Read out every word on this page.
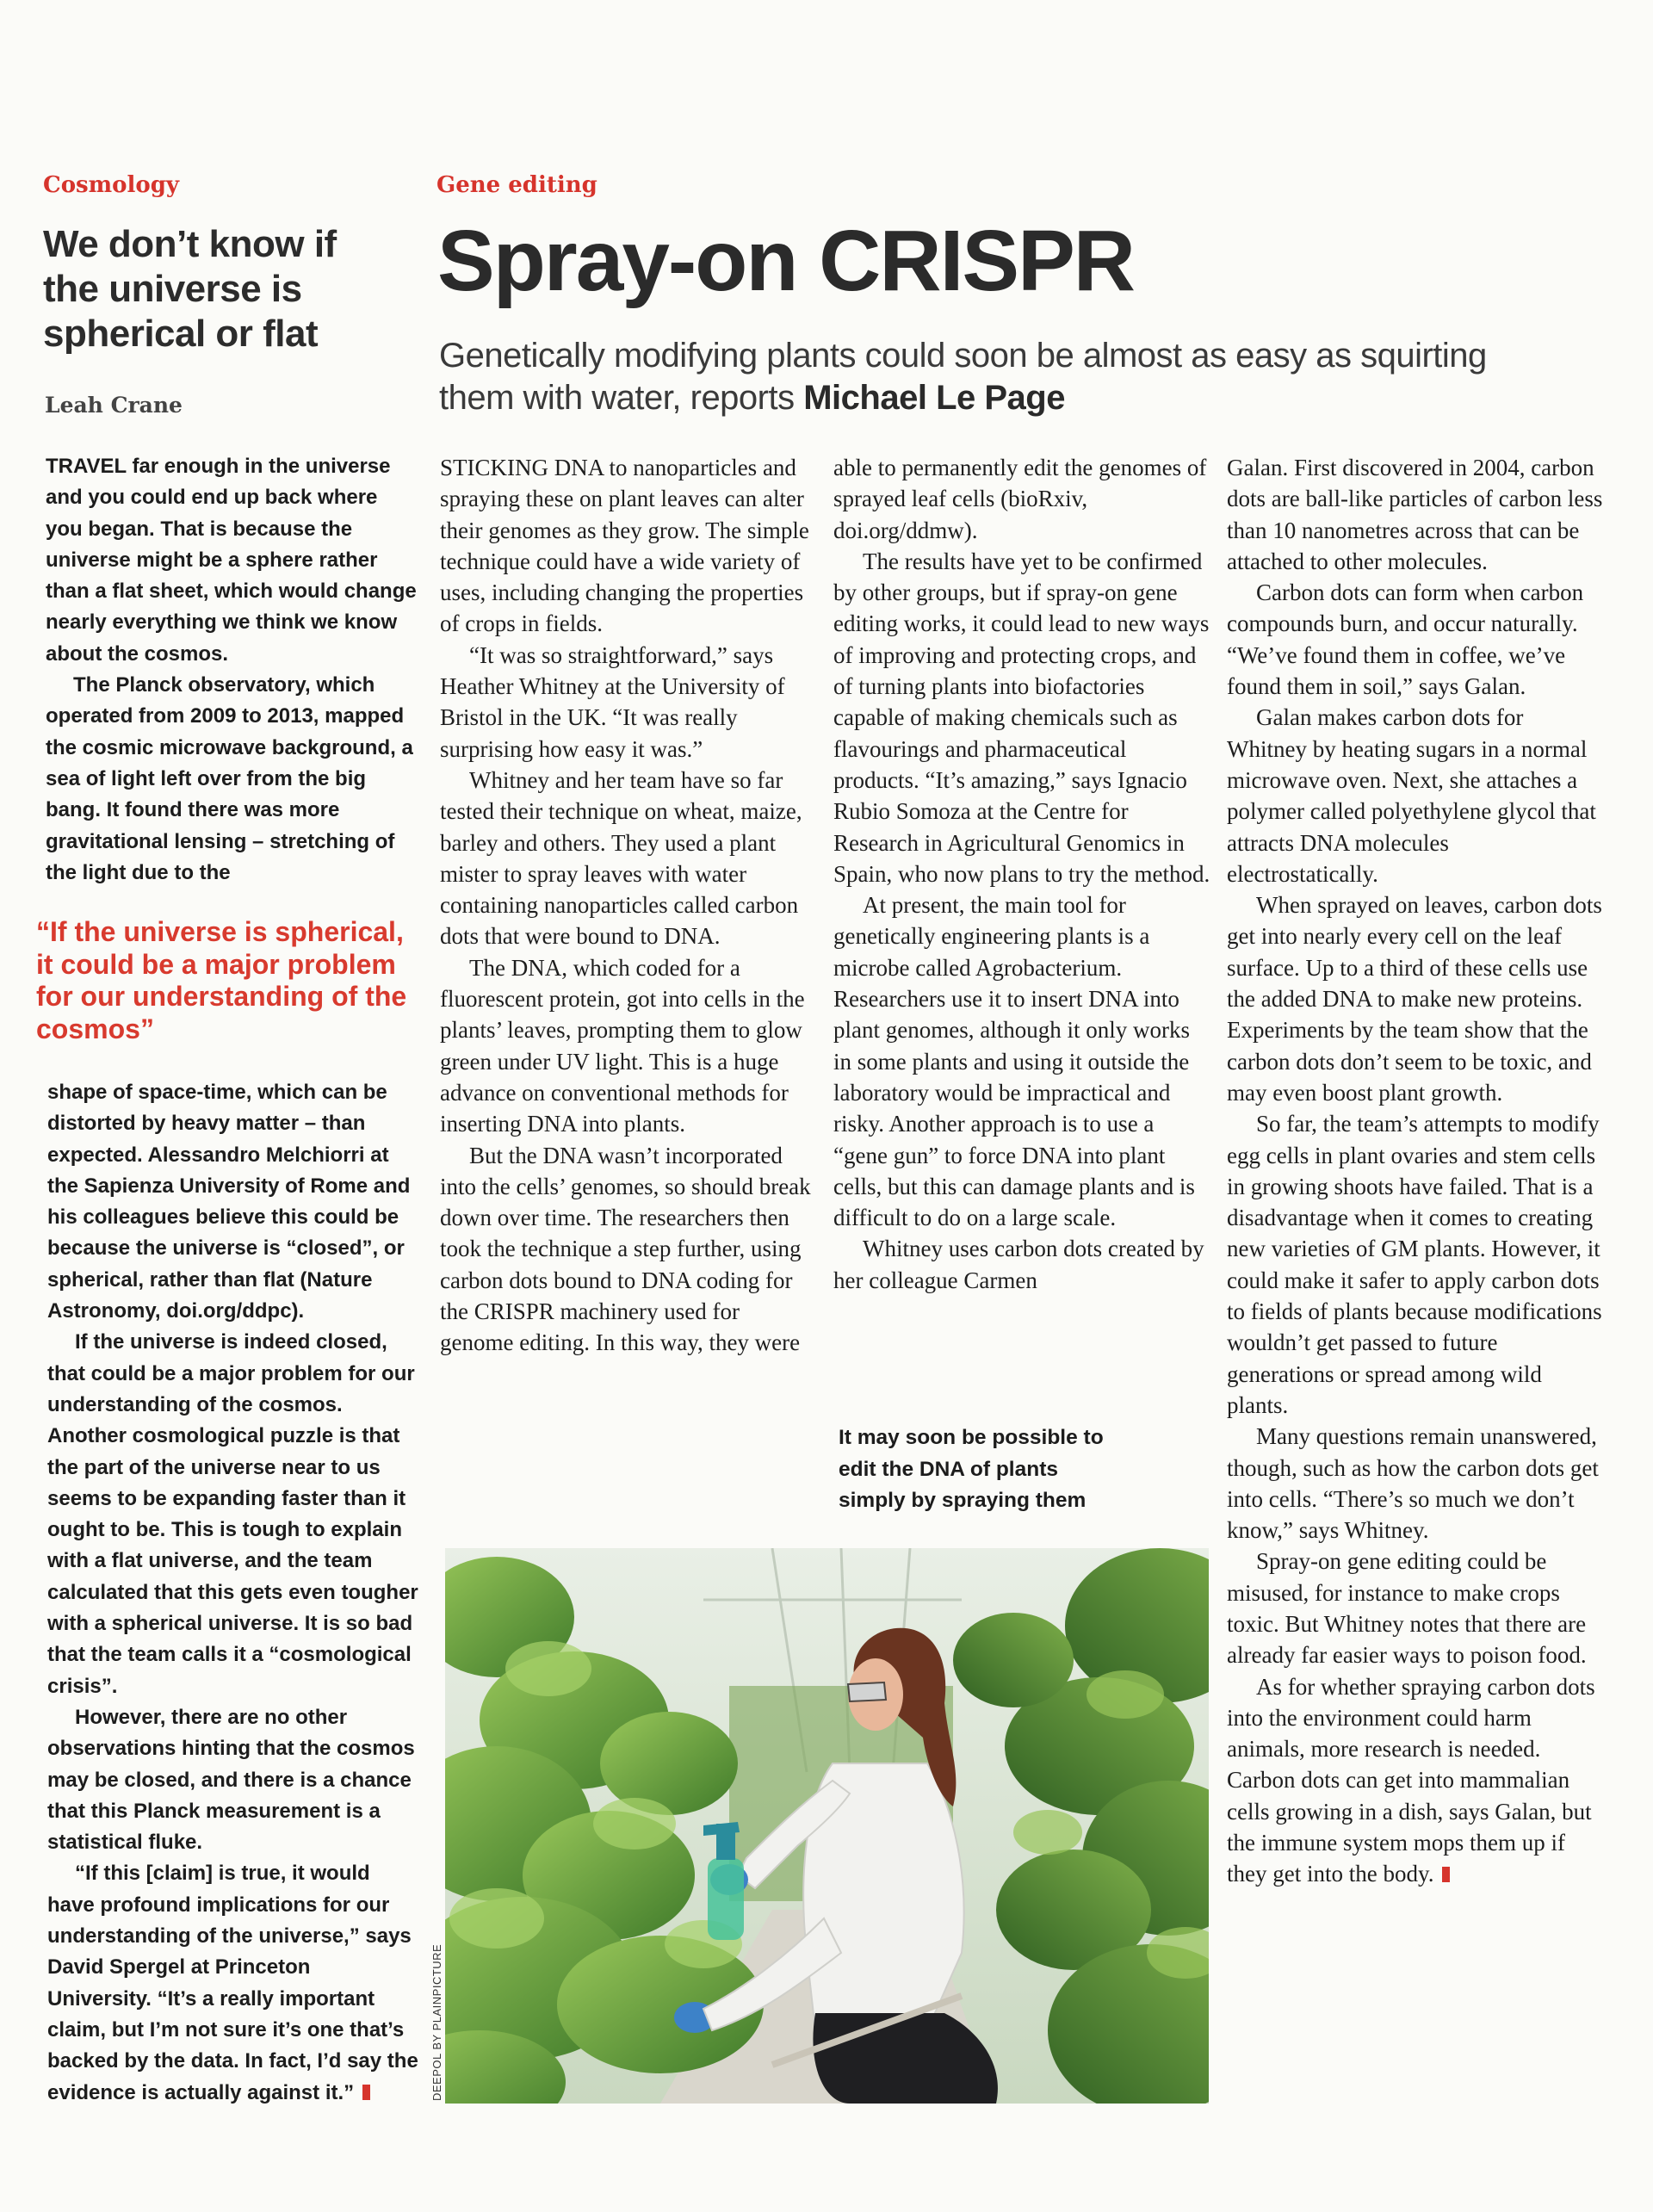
Cosmology
We don’t know if the universe is spherical or flat
Leah Crane

TRAVEL far enough in the universe and you could end up back where you began. That is because the universe might be a sphere rather than a flat sheet, which would change nearly everything we think we know about the cosmos.

The Planck observatory, which operated from 2009 to 2013, mapped the cosmic microwave background, a sea of light left over from the big bang. It found there was more gravitational lensing – stretching of the light due to the

“If the universe is spherical, it could be a major problem for our understanding of the cosmos”

shape of space-time, which can be distorted by heavy matter – than expected. Alessandro Melchiorri at the Sapienza University of Rome and his colleagues believe this could be because the universe is “closed”, or spherical, rather than flat (Nature Astronomy, doi.org/ddpc).

If the universe is indeed closed, that could be a major problem for our understanding of the cosmos. Another cosmological puzzle is that the part of the universe near to us seems to be expanding faster than it ought to be. This is tough to explain with a flat universe, and the team calculated that this gets even tougher with a spherical universe. It is so bad that the team calls it a “cosmological crisis”.

However, there are no other observations hinting that the cosmos may be closed, and there is a chance that this Planck measurement is a statistical fluke.

“If this [claim] is true, it would have profound implications for our understanding of the universe,” says David Spergel at Princeton University. “It’s a really important claim, but I’m not sure it’s one that’s backed by the data. In fact, I’d say the evidence is actually against it.”

Gene editing
Spray-on CRISPR
Genetically modifying plants could soon be almost as easy as squirting them with water, reports Michael Le Page

STICKING DNA to nanoparticles and spraying these on plant leaves can alter their genomes as they grow. The simple technique could have a wide variety of uses, including changing the properties of crops in fields.

“It was so straightforward,” says Heather Whitney at the University of Bristol in the UK. “It was really surprising how easy it was.”

Whitney and her team have so far tested their technique on wheat, maize, barley and others. They used a plant mister to spray leaves with water containing nanoparticles called carbon dots that were bound to DNA.

The DNA, which coded for a fluorescent protein, got into cells in the plants’ leaves, prompting them to glow green under UV light. This is a huge advance on conventional methods for inserting DNA into plants.

But the DNA wasn’t incorporated into the cells’ genomes, so should break down over time. The researchers then took the technique a step further, using carbon dots bound to DNA coding for the CRISPR machinery used for genome editing. In this way, they were

able to permanently edit the genomes of sprayed leaf cells (bioRxiv, doi.org/ddmw).

The results have yet to be confirmed by other groups, but if spray-on gene editing works, it could lead to new ways of improving and protecting crops, and of turning plants into biofactories capable of making chemicals such as flavourings and pharmaceutical products. “It’s amazing,” says Ignacio Rubio Somoza at the Centre for Research in Agricultural Genomics in Spain, who now plans to try the method.

At present, the main tool for genetically engineering plants is a microbe called Agrobacterium. Researchers use it to insert DNA into plant genomes, although it only works in some plants and using it outside the laboratory would be impractical and risky. Another approach is to use a “gene gun” to force DNA into plant cells, but this can damage plants and is difficult to do on a large scale.

Whitney uses carbon dots created by her colleague Carmen

It may soon be possible to edit the DNA of plants simply by spraying them

Galan. First discovered in 2004, carbon dots are ball-like particles of carbon less than 10 nanometres across that can be attached to other molecules.

Carbon dots can form when carbon compounds burn, and occur naturally. “We’ve found them in coffee, we’ve found them in soil,” says Galan.

Galan makes carbon dots for Whitney by heating sugars in a normal microwave oven. Next, she attaches a polymer called polyethylene glycol that attracts DNA molecules electrostatically.

When sprayed on leaves, carbon dots get into nearly every cell on the leaf surface. Up to a third of these cells use the added DNA to make new proteins. Experiments by the team show that the carbon dots don’t seem to be toxic, and may even boost plant growth.

So far, the team’s attempts to modify egg cells in plant ovaries and stem cells in growing shoots have failed. That is a disadvantage when it comes to creating new varieties of GM plants. However, it could make it safer to apply carbon dots to fields of plants because modifications wouldn’t get passed to future generations or spread among wild plants.

Many questions remain unanswered, though, such as how the carbon dots get into cells. “There’s so much we don’t know,” says Whitney.

Spray-on gene editing could be misused, for instance to make crops toxic. But Whitney notes that there are already far easier ways to poison food.

As for whether spraying carbon dots into the environment could harm animals, more research is needed. Carbon dots can get into mammalian cells growing in a dish, says Galan, but the immune system mops them up if they get into the body.

DEEPOL BY PLAINPICTURE
